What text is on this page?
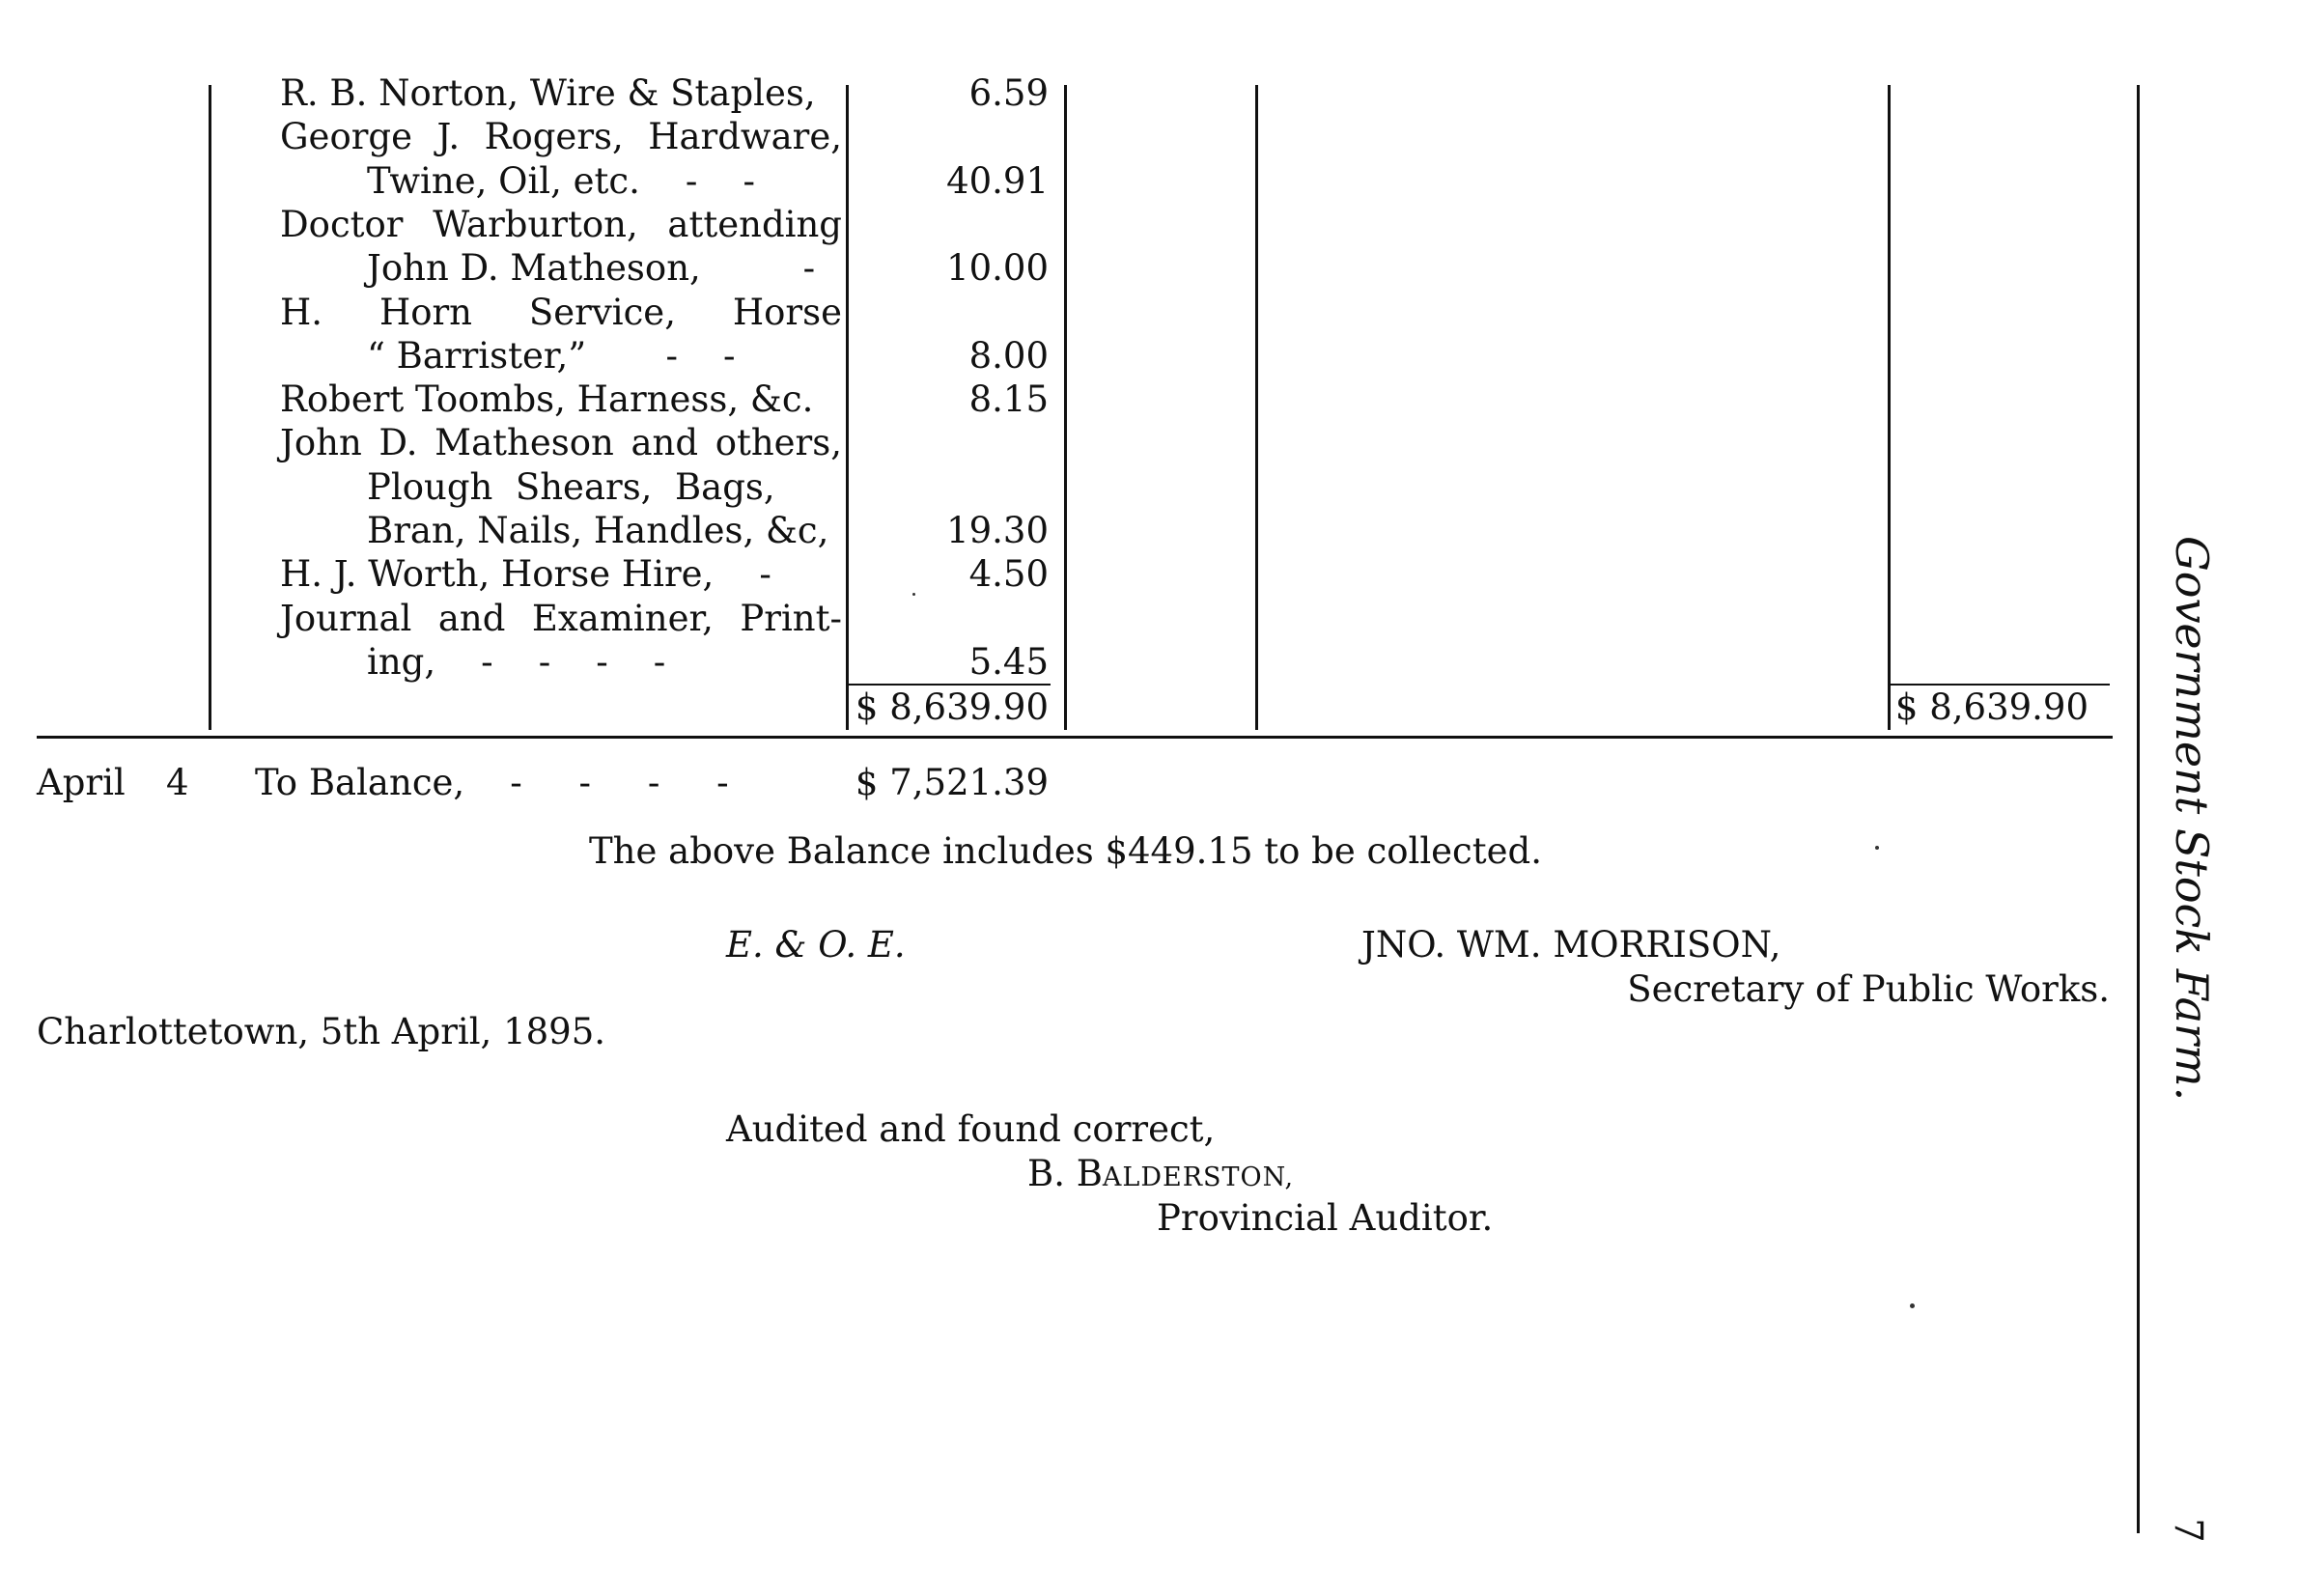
R. B. Norton, Wire & Staples,	6.59
George J. Rogers, Hardware,
Twine, Oil, etc.    -    -	40.91
Doctor Warburton, attending
John D. Matheson,         -	10.00
H.  Horn  Service,  Horse
“ Barrister,”       -    -	8.00
Robert Toombs, Harness, &c.	8.15
John D. Matheson and others,
Plough  Shears,  Bags,
Bran, Nails, Handles, &c,	19.30
H. J. Worth, Horse Hire,    -	4.50
Journal and Examiner, Print-
ing,    -    -    -    -	5.45
$ 8,639.90	$ 8,639.90
April 4 To Balance,    -     -     -     -	$ 7,521.39
The above Balance includes $449.15 to be collected.
E. & O. E.	JNO. WM. MORRISON,
Secretary of Public Works.
Charlottetown, 5th April, 1895.
Audited and found correct,
B. BALDERSTON,
Provincial Auditor.
Government Stock Farm.
7
